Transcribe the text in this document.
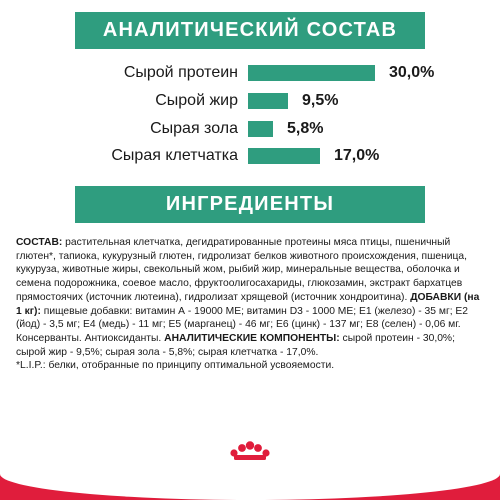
АНАЛИТИЧЕСКИЙ СОСТАВ
Сырой протеин	30,0%
Сырой жир	9,5%
Сырая зола	5,8%
Сырая клетчатка	17,0%
ИНГРЕДИЕНТЫ

СОСТАВ: растительная клетчатка, дегидратированные протеины мяса птицы, пшеничный глютен*, тапиока, кукурузный глютен, гидролизат белков животного происхождения, пшеница, кукуруза, животные жиры, свекольный жом, рыбий жир, минеральные вещества, оболочка и семена подорожника, соевое масло, фруктоолигосахариды, глюкозамин, экстракт бархатцев прямостоячих (источник лютеина), гидролизат хрящевой (источник хондроитина). ДОБАВКИ (на 1 кг): пищевые добавки: витамин А - 19000 МЕ; витамин D3 - 1000 МЕ; Е1 (железо) - 35 мг; Е2 (йод) - 3,5 мг; Е4 (медь) - 11 мг; Е5 (марганец) - 46 мг; Е6 (цинк) - 137 мг; Е8 (селен) - 0,06 мг. Консерванты. Антиоксиданты. АНАЛИТИЧЕСКИЕ КОМПОНЕНТЫ: сырой протеин - 30,0%; сырой жир - 9,5%; сырая зола - 5,8%; сырая клетчатка - 17,0%.

*L.I.P.: белки, отобранные по принципу оптимальной усвояемости.
